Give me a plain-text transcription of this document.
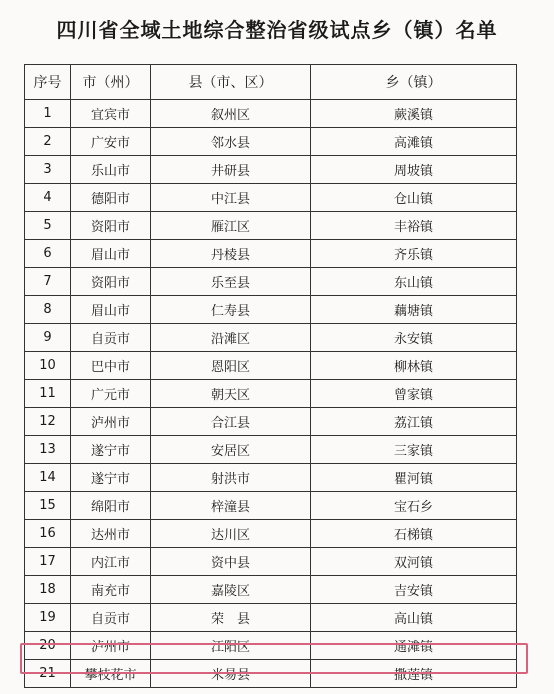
四川省全域土地综合整治省级试点乡（镇）名单
序号	市（州）	县（市、区）	乡（镇）
1	宜宾市	叙州区	蕨溪镇
2	广安市	邻水县	高滩镇
3	乐山市	井研县	周坡镇
4	德阳市	中江县	仓山镇
5	资阳市	雁江区	丰裕镇
6	眉山市	丹棱县	齐乐镇
7	资阳市	乐至县	东山镇
8	眉山市	仁寿县	藕塘镇
9	自贡市	沿滩区	永安镇
10	巴中市	恩阳区	柳林镇
11	广元市	朝天区	曾家镇
12	泸州市	合江县	荔江镇
13	遂宁市	安居区	三家镇
14	遂宁市	射洪市	瞿河镇
15	绵阳市	梓潼县	宝石乡
16	达州市	达川区	石梯镇
17	内江市	资中县	双河镇
18	南充市	嘉陵区	吉安镇
19	自贡市	荣　县	高山镇
20	泸州市	江阳区	通滩镇
21	攀枝花市	米易县	撒莲镇
